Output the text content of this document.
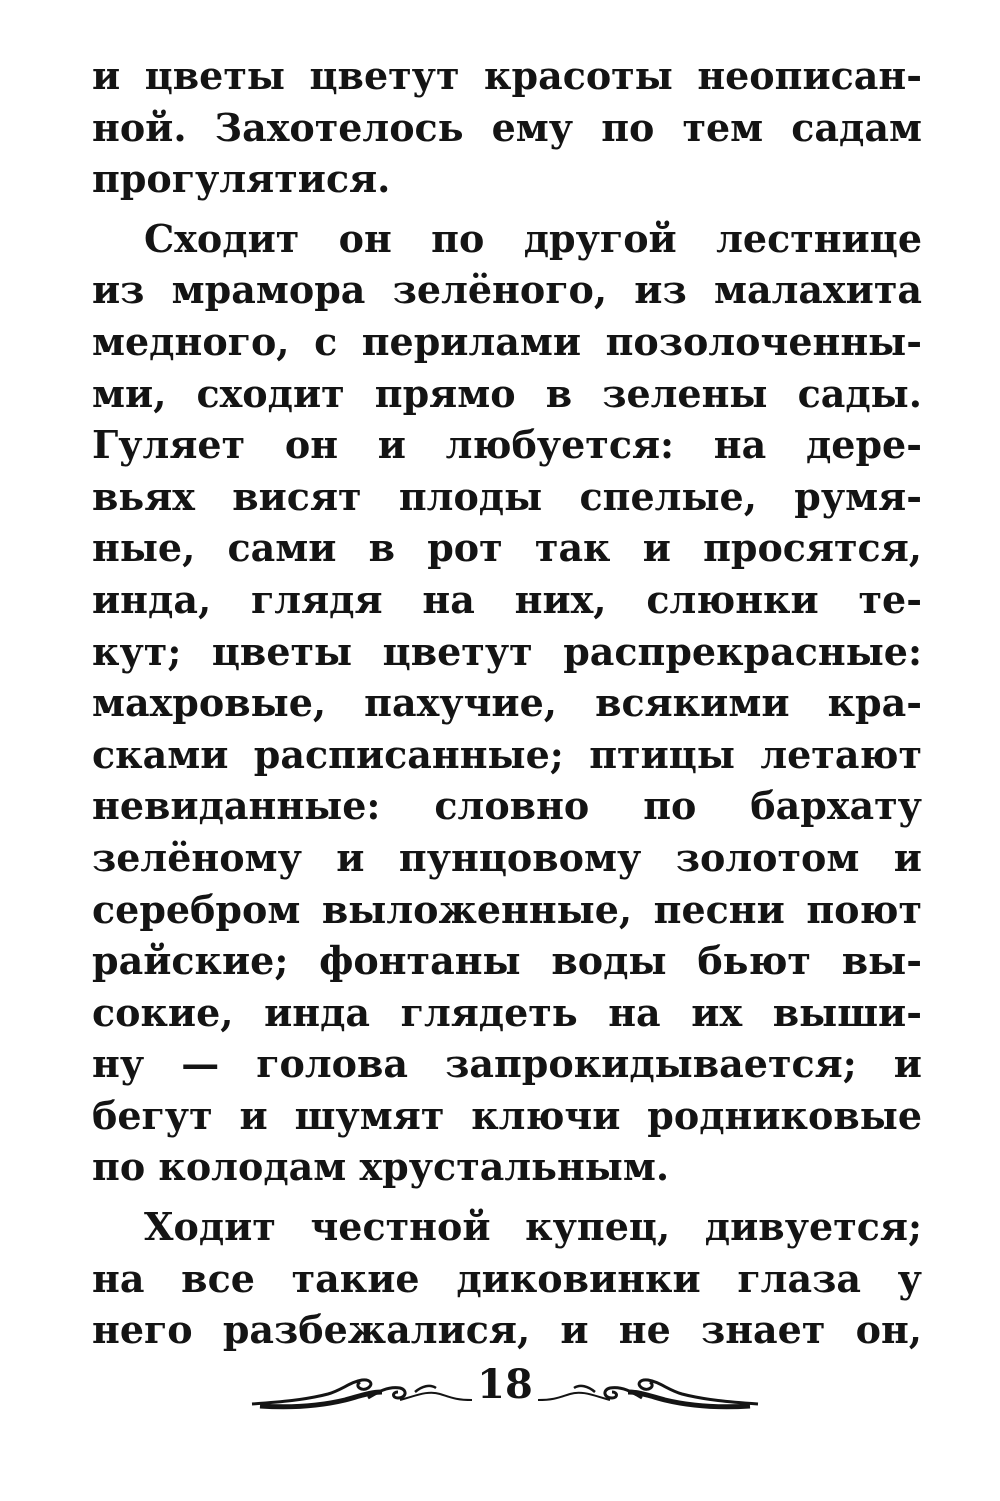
и цветы цветут красоты неописан-
ной. Захотелось ему по тем садам
прогулятися.
Сходит он по другой лестнице
из мрамора зелёного, из малахита
медного, с перилами позолоченны-
ми, сходит прямо в зелены сады.
Гуляет он и любуется: на дере-
вьях висят плоды спелые, румя-
ные, сами в рот так и просятся,
инда, глядя на них, слюнки те-
кут; цветы цветут распрекрасные:
махровые, пахучие, всякими кра-
сками расписанные; птицы летают
невиданные: словно по бархату
зелёному и пунцовому золотом и
серебром выложенные, песни поют
райские; фонтаны воды бьют вы-
сокие, инда глядеть на их выши-
ну — голова запрокидывается; и
бегут и шумят ключи родниковые
по колодам хрустальным.
Ходит честной купец, дивуется;
на все такие диковинки глаза у
него разбежалися, и не знает он,
18
